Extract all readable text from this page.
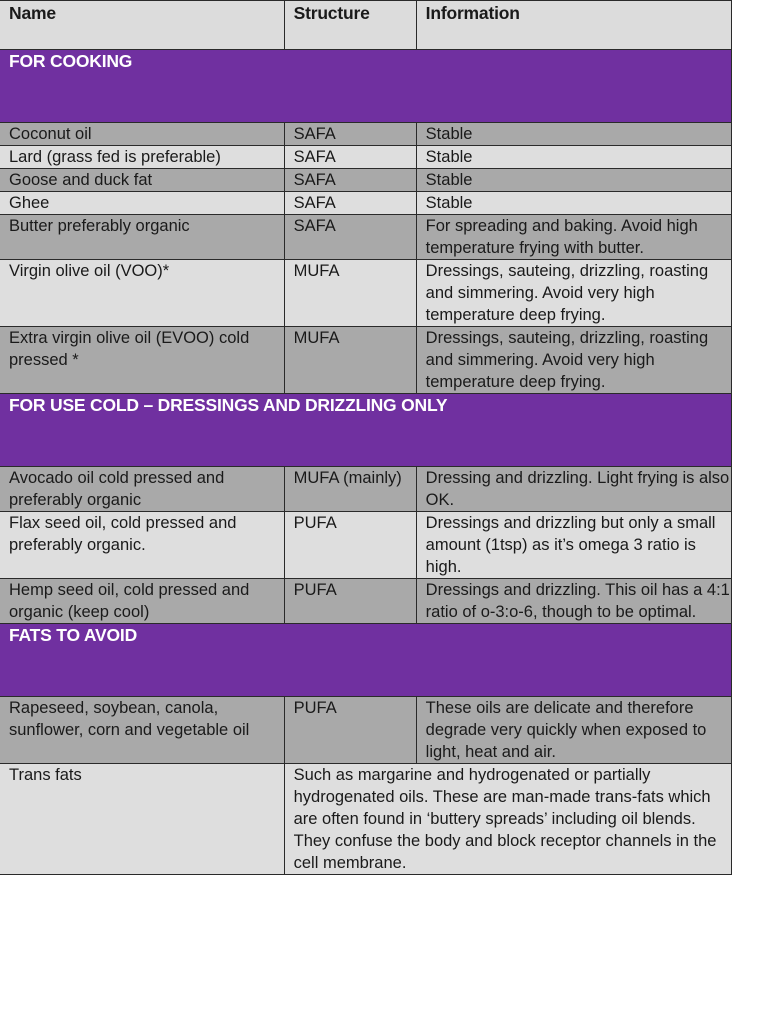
Name	Structure	Information
FOR COOKING		
Coconut oil	SAFA	Stable
Lard (grass fed is preferable)	SAFA	Stable
Goose and duck fat	SAFA	Stable
Ghee	SAFA	Stable
Butter preferably organic	SAFA	For spreading and baking. Avoid high temperature frying with butter.
Virgin olive oil (VOO)*	MUFA	Dressings, sauteing, drizzling, roasting and simmering. Avoid very high temperature deep frying.
Extra virgin olive oil (EVOO) cold pressed *	MUFA	Dressings, sauteing, drizzling, roasting and simmering. Avoid very high temperature deep frying.
FOR USE COLD – DRESSINGS AND DRIZZLING ONLY		
Avocado oil cold pressed and preferably organic	MUFA (mainly)	Dressing and drizzling. Light frying is also OK.
Flax seed oil, cold pressed and preferably organic.	PUFA	Dressings and drizzling but only a small amount (1tsp) as it’s omega 3 ratio is high.
Hemp seed oil, cold pressed and organic (keep cool)	PUFA	Dressings and drizzling. This oil has a 4:1 ratio of o-3:o-6, though to be optimal.
FATS TO AVOID		
Rapeseed, soybean, canola, sunflower, corn and vegetable oil	PUFA	These oils are delicate and therefore degrade very quickly when exposed to light, heat and air.
Trans fats	Such as margarine and hydrogenated or partially hydrogenated oils. These are man-made trans-fats which are often found in ‘buttery spreads’ including oil blends. They confuse the body and block receptor channels in the cell membrane.	
